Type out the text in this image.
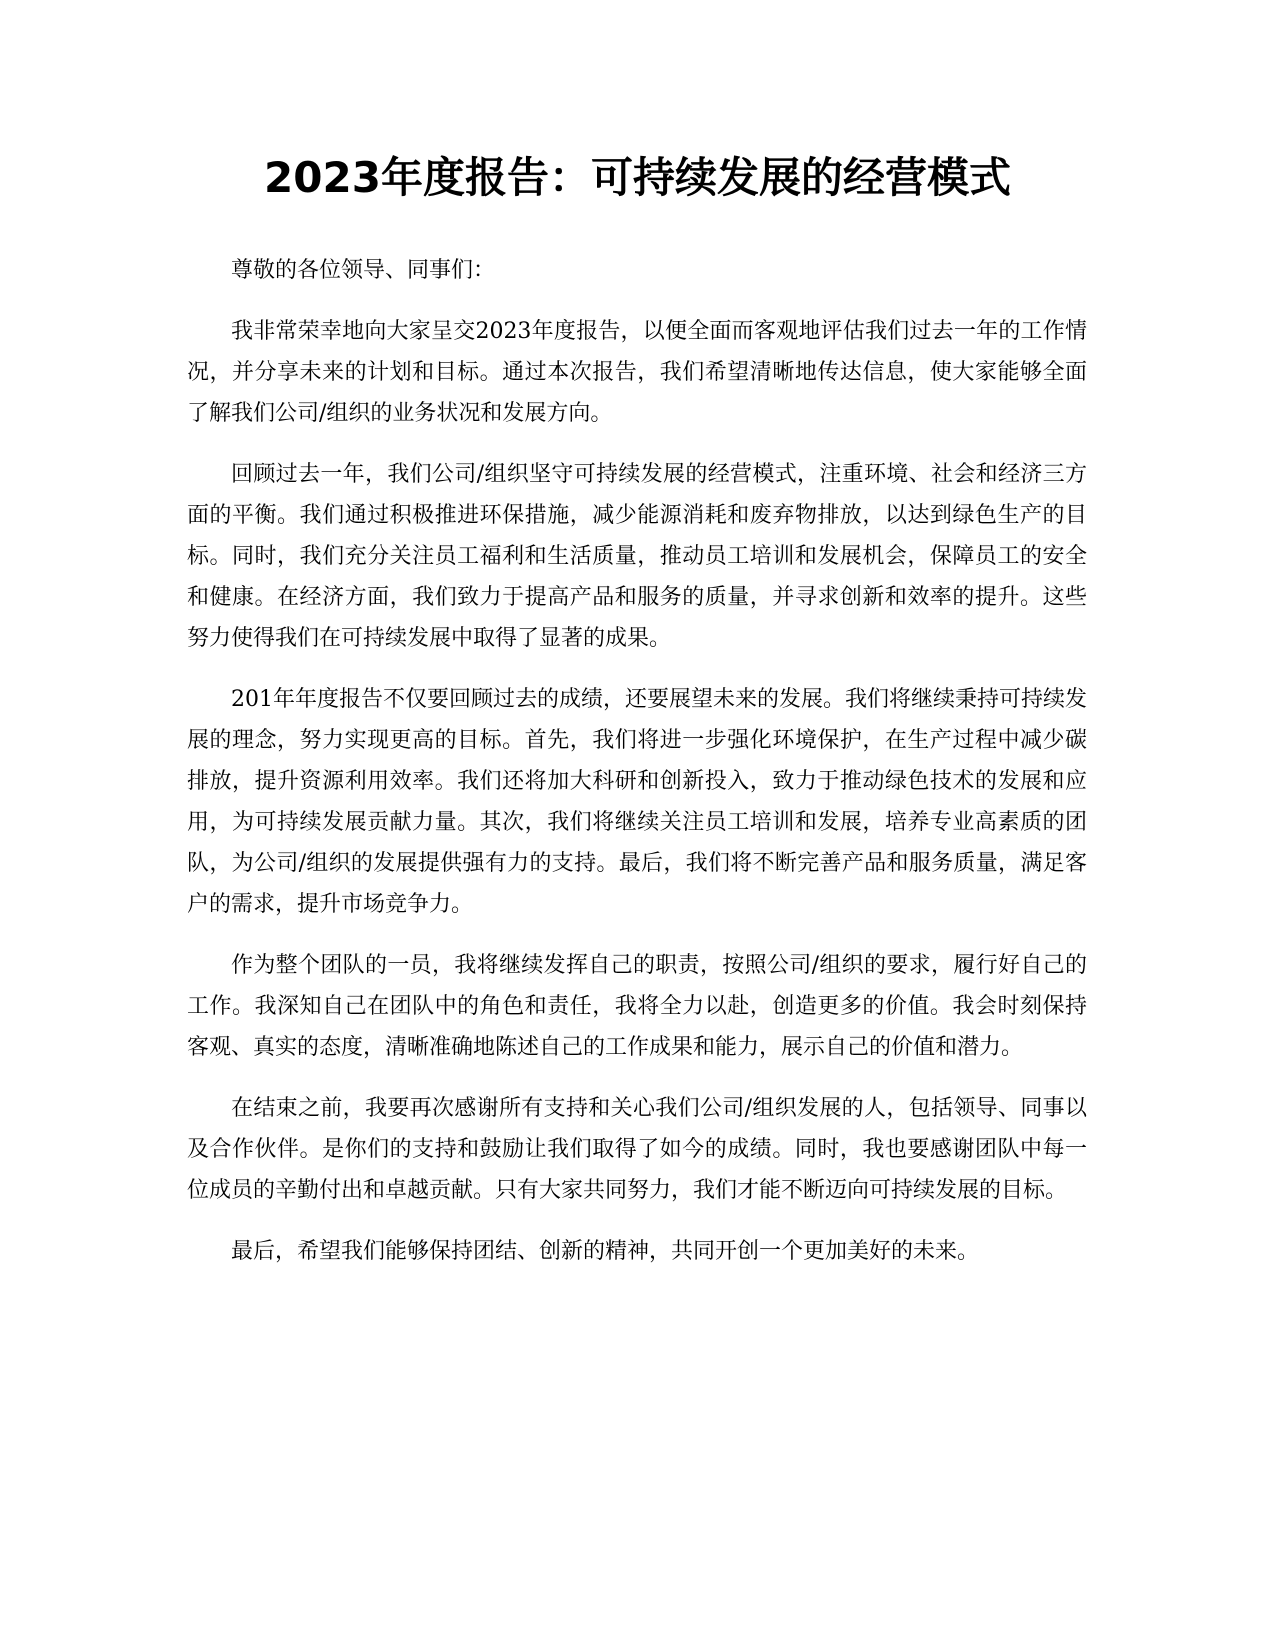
2023年度报告：可持续发展的经营模式

尊敬的各位领导、同事们：

我非常荣幸地向大家呈交2023年度报告，以便全面而客观地评估我们过去一年的工作情况，并分享未来的计划和目标。通过本次报告，我们希望清晰地传达信息，使大家能够全面了解我们公司/组织的业务状况和发展方向。

回顾过去一年，我们公司/组织坚守可持续发展的经营模式，注重环境、社会和经济三方面的平衡。我们通过积极推进环保措施，减少能源消耗和废弃物排放，以达到绿色生产的目标。同时，我们充分关注员工福利和生活质量，推动员工培训和发展机会，保障员工的安全和健康。在经济方面，我们致力于提高产品和服务的质量，并寻求创新和效率的提升。这些努力使得我们在可持续发展中取得了显著的成果。

201年年度报告不仅要回顾过去的成绩，还要展望未来的发展。我们将继续秉持可持续发展的理念，努力实现更高的目标。首先，我们将进一步强化环境保护，在生产过程中减少碳排放，提升资源利用效率。我们还将加大科研和创新投入，致力于推动绿色技术的发展和应用，为可持续发展贡献力量。其次，我们将继续关注员工培训和发展，培养专业高素质的团队，为公司/组织的发展提供强有力的支持。最后，我们将不断完善产品和服务质量，满足客户的需求，提升市场竞争力。

作为整个团队的一员，我将继续发挥自己的职责，按照公司/组织的要求，履行好自己的工作。我深知自己在团队中的角色和责任，我将全力以赴，创造更多的价值。我会时刻保持客观、真实的态度，清晰准确地陈述自己的工作成果和能力，展示自己的价值和潜力。

在结束之前，我要再次感谢所有支持和关心我们公司/组织发展的人，包括领导、同事以及合作伙伴。是你们的支持和鼓励让我们取得了如今的成绩。同时，我也要感谢团队中每一位成员的辛勤付出和卓越贡献。只有大家共同努力，我们才能不断迈向可持续发展的目标。

最后，希望我们能够保持团结、创新的精神，共同开创一个更加美好的未来。
